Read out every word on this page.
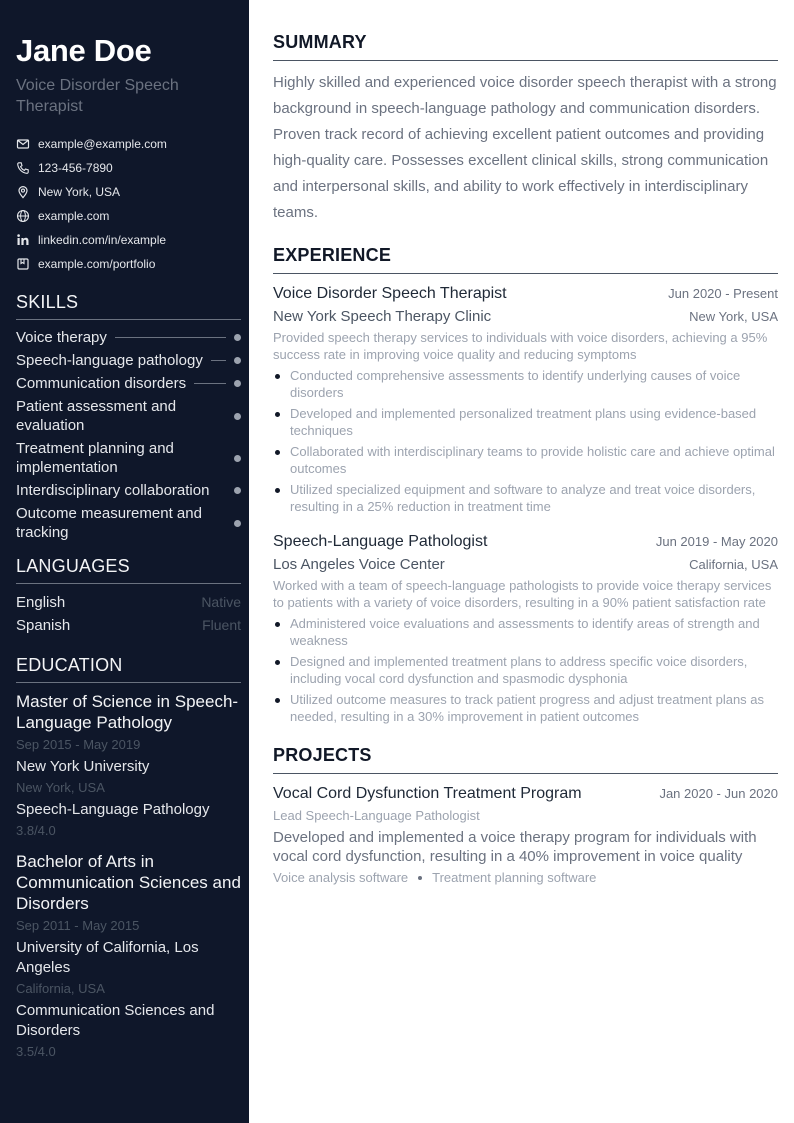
Jane Doe
Voice Disorder Speech Therapist
example@example.com
123-456-7890
New York, USA
example.com
linkedin.com/in/example
example.com/portfolio
SKILLS
Voice therapy
Speech-language pathology
Communication disorders
Patient assessment and evaluation
Treatment planning and implementation
Interdisciplinary collaboration
Outcome measurement and tracking
LANGUAGES
English	Native
Spanish	Fluent
EDUCATION
Master of Science in Speech-Language Pathology
Sep 2015 - May 2019
New York University
New York, USA
Speech-Language Pathology
3.8/4.0
Bachelor of Arts in Communication Sciences and Disorders
Sep 2011 - May 2015
University of California, Los Angeles
California, USA
Communication Sciences and Disorders
3.5/4.0
SUMMARY

Highly skilled and experienced voice disorder speech therapist with a strong background in speech-language pathology and communication disorders. Proven track record of achieving excellent patient outcomes and providing high-quality care. Possesses excellent clinical skills, strong communication and interpersonal skills, and ability to work effectively in interdisciplinary teams.

EXPERIENCE
Voice Disorder Speech Therapist	Jun 2020 - Present
New York Speech Therapy Clinic	New York, USA

Provided speech therapy services to individuals with voice disorders, achieving a 95% success rate in improving voice quality and reducing symptoms

Conducted comprehensive assessments to identify underlying causes of voice disorders
Developed and implemented personalized treatment plans using evidence-based techniques
Collaborated with interdisciplinary teams to provide holistic care and achieve optimal outcomes
Utilized specialized equipment and software to analyze and treat voice disorders, resulting in a 25% reduction in treatment time
Speech-Language Pathologist	Jun 2019 - May 2020
Los Angeles Voice Center	California, USA

Worked with a team of speech-language pathologists to provide voice therapy services to patients with a variety of voice disorders, resulting in a 90% patient satisfaction rate

Administered voice evaluations and assessments to identify areas of strength and weakness
Designed and implemented treatment plans to address specific voice disorders, including vocal cord dysfunction and spasmodic dysphonia
Utilized outcome measures to track patient progress and adjust treatment plans as needed, resulting in a 30% improvement in patient outcomes
PROJECTS
Vocal Cord Dysfunction Treatment Program	Jan 2020 - Jun 2020
Lead Speech-Language Pathologist

Developed and implemented a voice therapy program for individuals with vocal cord dysfunction, resulting in a 40% improvement in voice quality

Voice analysis software Treatment planning software
